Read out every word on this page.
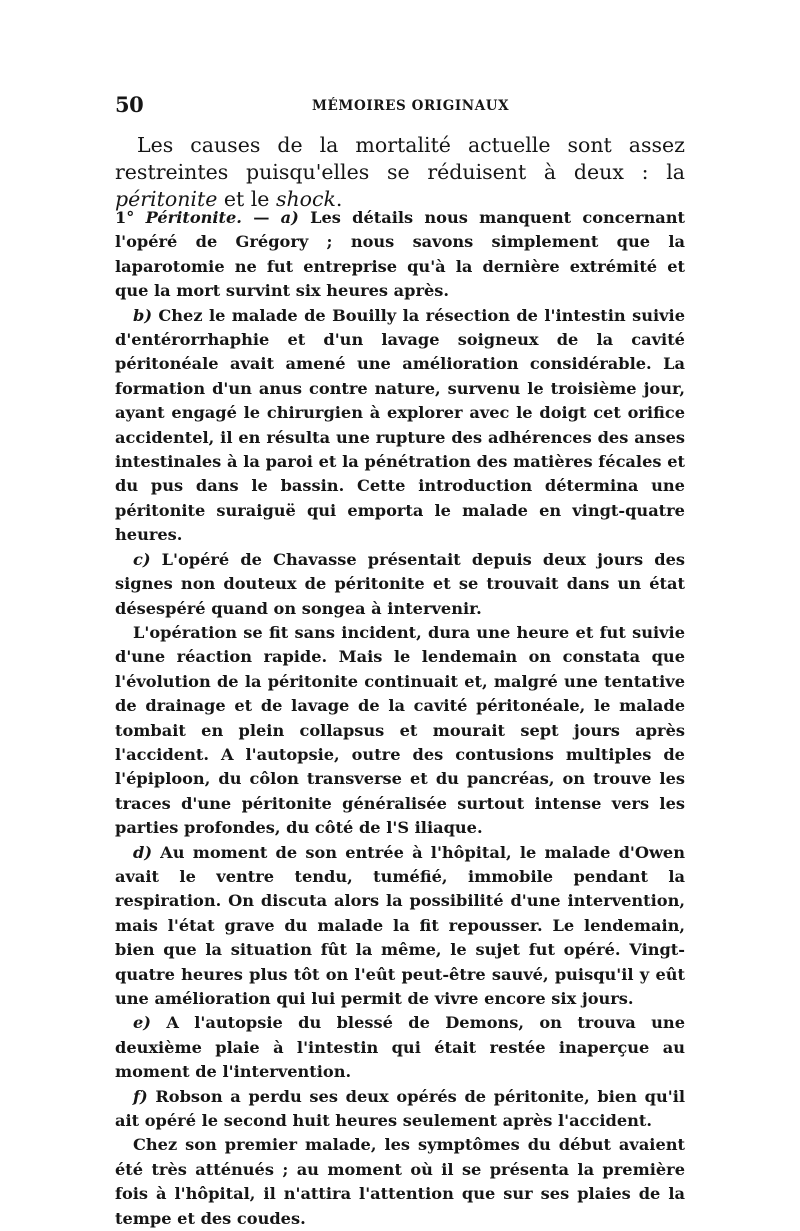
50	MÉMOIRES ORIGINAUX
Les causes de la mortalité actuelle sont assez restreintes puisqu'elles se réduisent à deux : la péritonite et le shock.

1° Péritonite. — a) Les détails nous manquent concernant l'opéré de Grégory ; nous savons simplement que la laparotomie ne fut entreprise qu'à la dernière extrémité et que la mort survint six heures après.

b) Chez le malade de Bouilly la résection de l'intestin suivie d'entérorrhaphie et d'un lavage soigneux de la cavité péritonéale avait amené une amélioration considérable. La formation d'un anus contre nature, survenu le troisième jour, ayant engagé le chirurgien à explorer avec le doigt cet orifice accidentel, il en résulta une rupture des adhérences des anses intestinales à la paroi et la pénétration des matières fécales et du pus dans le bassin. Cette introduction détermina une péritonite suraiguë qui emporta le malade en vingt-quatre heures.

c) L'opéré de Chavasse présentait depuis deux jours des signes non douteux de péritonite et se trouvait dans un état désespéré quand on songea à intervenir.

L'opération se fit sans incident, dura une heure et fut suivie d'une réaction rapide. Mais le lendemain on constata que l'évolution de la péritonite continuait et, malgré une tentative de drainage et de lavage de la cavité péritonéale, le malade tombait en plein collapsus et mourait sept jours après l'accident. A l'autopsie, outre des contusions multiples de l'épiploon, du côlon transverse et du pancréas, on trouve les traces d'une péritonite généralisée surtout intense vers les parties profondes, du côté de l'S iliaque.

d) Au moment de son entrée à l'hôpital, le malade d'Owen avait le ventre tendu, tuméfié, immobile pendant la respiration. On discuta alors la possibilité d'une intervention, mais l'état grave du malade la fit repousser. Le lendemain, bien que la situation fût la même, le sujet fut opéré. Vingt-quatre heures plus tôt on l'eût peut-être sauvé, puisqu'il y eût une amélioration qui lui permit de vivre encore six jours.

e) A l'autopsie du blessé de Demons, on trouva une deuxième plaie à l'intestin qui était restée inaperçue au moment de l'intervention.

f) Robson a perdu ses deux opérés de péritonite, bien qu'il ait opéré le second huit heures seulement après l'accident.

Chez son premier malade, les symptômes du début avaient été très atténués ; au moment où il se présenta la première fois à l'hôpital, il n'attira l'attention que sur ses plaies de la tempe et des coudes.
